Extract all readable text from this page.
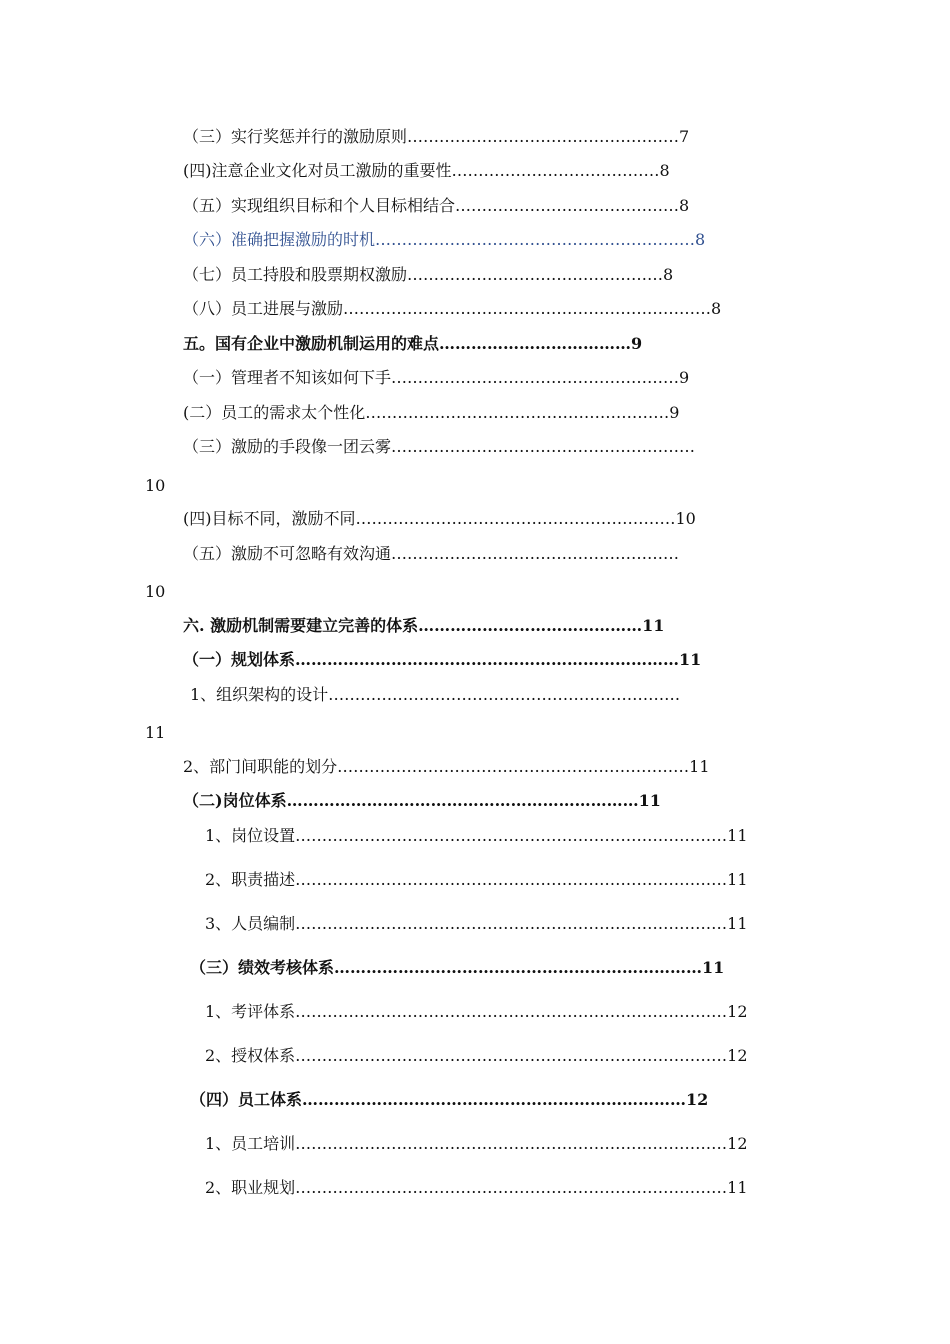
（三）实行奖惩并行的激励原则……………………………………………7
(四)注意企业文化对员工激励的重要性…………………………………8
（五）实现组织目标和个人目标相结合……………………………………8
（六）准确把握激励的时机……………………………………………………8
（七）员工持股和股票期权激励…………………………………………8
（八）员工进展与激励……………………………………………………………8
五。国有企业中激励机制运用的难点………………………………9
（一）管理者不知该如何下手………………………………………………9
(二）员工的需求太个性化…………………………………………………9
（三）激励的手段像一团云雾…………………………………………………
10
(四)目标不同，激励不同……………………………………………………10
（五）激励不可忽略有效沟通………………………………………………
10
六. 激励机制需要建立完善的体系……………………………………11
（一）规划体系………………………………………………………………11
1、组织架构的设计…………………………………………………………
11
2、部门间职能的划分…………………………………………………………11
（二)岗位体系…………………………………………………………11
1、岗位设置………………………………………………………………………11
2、职责描述………………………………………………………………………11
3、人员编制………………………………………………………………………11
（三）绩效考核体系……………………………………………………………11
1、考评体系………………………………………………………………………12
2、授权体系………………………………………………………………………12
（四）员工体系………………………………………………………………12
1、员工培训………………………………………………………………………12
2、职业规划………………………………………………………………………11
